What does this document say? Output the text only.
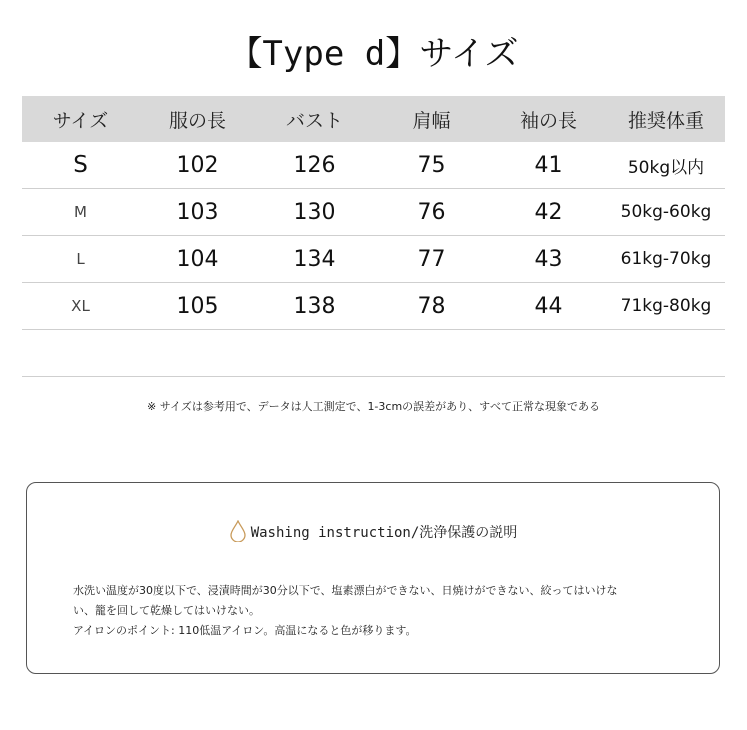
【Type d】サイズ
サイズ	服の長	バスト	肩幅	袖の長	推奨体重
S	102	126	75	41	50kg以内
M	103	130	76	42	50kg-60kg
L	104	134	77	43	61kg-70kg
XL	105	138	78	44	71kg-80kg

※ サイズは参考用で、データは人工測定で、1-3cmの誤差があり、すべて正常な現象である
Washing instruction/洗浄保護の説明
水洗い温度が30度以下で、浸漬時間が30分以下で、塩素漂白ができない、日焼けができない、絞ってはいけな
い、籠を回して乾燥してはいけない。
アイロンのポイント: 110低温アイロン。高温になると色が移ります。
